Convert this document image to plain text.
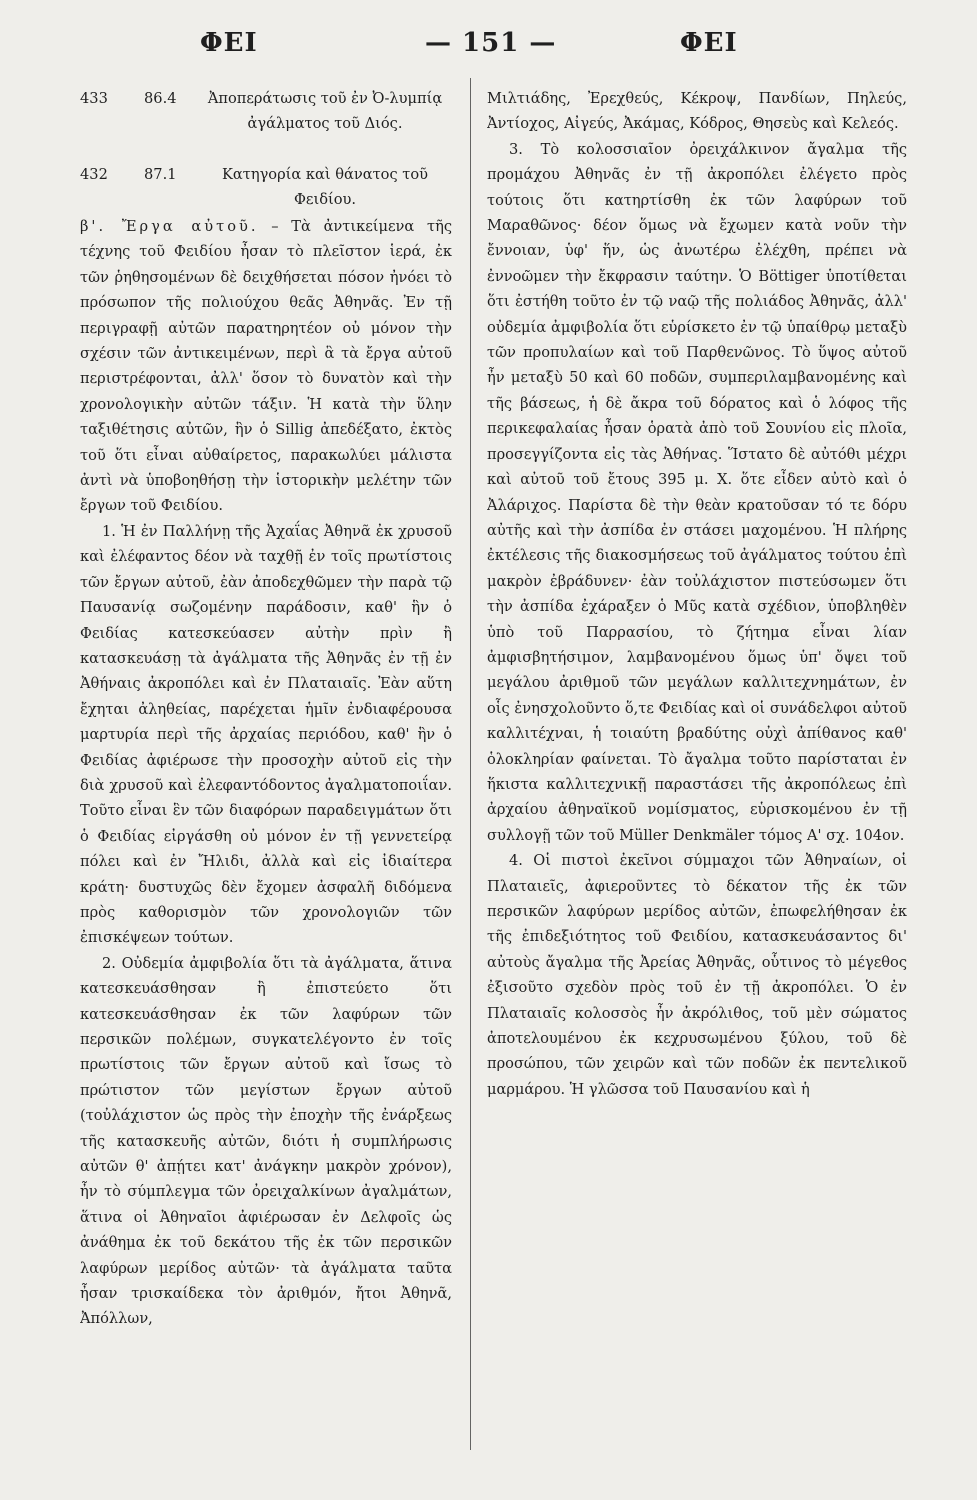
ΦΕΙ	— 151 —	ΦΕΙ
433	86.4	Ἀποπεράτωσις τοῦ ἐν Ὀ-λυμπίᾳ ἀγάλματος τοῦ Διός.
432	87.1	Κατηγορία καὶ θάνατος τοῦ Φειδίου.

β'. Ἔργα αὐτοῦ. – Τὰ ἀντικείμενα τῆς τέχνης τοῦ Φειδίου ἦσαν τὸ πλεῖστον ἱερά, ἐκ τῶν ῥηθησομένων δὲ δειχθήσεται πόσον ἠνόει τὸ πρόσωπον τῆς πολιούχου θεᾶς Ἀθηνᾶς. Ἐν τῇ περιγραφῇ αὐτῶν παρατηρητέον οὐ μόνον τὴν σχέσιν τῶν ἀντικειμένων, περὶ ἃ τὰ ἔργα αὐτοῦ περιστρέφονται, ἀλλ' ὅσον τὸ δυνατὸν καὶ τὴν χρονολογικὴν αὐτῶν τάξιν. Ἡ κατὰ τὴν ὕλην ταξιθέτησις αὐτῶν, ἣν ὁ Sillig ἀπεδέξατο, ἐκτὸς τοῦ ὅτι εἶναι αὐθαίρετος, παρακωλύει μάλιστα ἀντὶ νὰ ὑποβοηθήσῃ τὴν ἱστορικὴν μελέτην τῶν ἔργων τοῦ Φειδίου.

1. Ἡ ἐν Παλλήνῃ τῆς Ἀχαΐας Ἀθηνᾶ ἐκ χρυσοῦ καὶ ἐλέφαντος δέον νὰ ταχθῇ ἐν τοῖς πρωτίστοις τῶν ἔργων αὐτοῦ, ἐὰν ἀποδεχθῶμεν τὴν παρὰ τῷ Παυσανίᾳ σωζομένην παράδοσιν, καθ' ἣν ὁ Φειδίας κατεσκεύασεν αὐτὴν πρὶν ἢ κατασκευάσῃ τὰ ἀγάλματα τῆς Ἀθηνᾶς ἐν τῇ ἐν Ἀθήναις ἀκροπόλει καὶ ἐν Πλαταιαῖς. Ἐὰν αὕτη ἔχηται ἀληθείας, παρέχεται ἡμῖν ἐνδιαφέρουσα μαρτυρία περὶ τῆς ἀρχαίας περιόδου, καθ' ἣν ὁ Φειδίας ἀφιέρωσε τὴν προσοχὴν αὐτοῦ εἰς τὴν διὰ χρυσοῦ καὶ ἐλεφαντόδοντος ἀγαλματοποιΐαν. Τοῦτο εἶναι ἓν τῶν διαφόρων παραδειγμάτων ὅτι ὁ Φειδίας εἰργάσθη οὐ μόνον ἐν τῇ γεννετείρᾳ πόλει καὶ ἐν Ἤλιδι, ἀλλὰ καὶ εἰς ἰδιαίτερα κράτη· δυστυχῶς δὲν ἔχομεν ἀσφαλῆ διδόμενα πρὸς καθορισμὸν τῶν χρονολογιῶν τῶν ἐπισκέψεων τούτων.

2. Οὐδεμία ἀμφιβολία ὅτι τὰ ἀγάλματα, ἅτινα κατεσκευάσθησαν ἢ ἐπιστεύετο ὅτι κατεσκευάσθησαν ἐκ τῶν λαφύρων τῶν περσικῶν πολέμων, συγκατελέγοντο ἐν τοῖς πρωτίστοις τῶν ἔργων αὐτοῦ καὶ ἴσως τὸ πρώτιστον τῶν μεγίστων ἔργων αὐτοῦ (τοὐλάχιστον ὡς πρὸς τὴν ἐποχὴν τῆς ἐνάρξεως τῆς κατασκευῆς αὐτῶν, διότι ἡ συμπλήρωσις αὐτῶν θ' ἀπῄτει κατ' ἀνάγκην μακρὸν χρόνον), ἦν τὸ σύμπλεγμα τῶν ὀρειχαλκίνων ἀγαλμάτων, ἅτινα οἱ Ἀθηναῖοι ἀφιέρωσαν ἐν Δελφοῖς ὡς ἀνάθημα ἐκ τοῦ δεκάτου τῆς ἐκ τῶν περσικῶν λαφύρων μερίδος αὐτῶν· τὰ ἀγάλματα ταῦτα ἦσαν τρισκαίδεκα τὸν ἀριθμόν, ἤτοι Ἀθηνᾶ, Ἀπόλλων,

Μιλτιάδης, Ἐρεχθεύς, Κέκροψ, Πανδίων, Πηλεύς, Ἀντίοχος, Αἰγεύς, Ἀκάμας, Κόδρος, Θησεὺς καὶ Κελεός.

3. Τὸ κολοσσιαῖον ὀρειχάλκινον ἄγαλμα τῆς προμάχου Ἀθηνᾶς ἐν τῇ ἀκροπόλει ἐλέγετο πρὸς τούτοις ὅτι κατηρτίσθη ἐκ τῶν λαφύρων τοῦ Μαραθῶνος· δέον ὅμως νὰ ἔχωμεν κατὰ νοῦν τὴν ἔννοιαν, ὑφ' ἥν, ὡς ἀνωτέρω ἐλέχθη, πρέπει νὰ ἐννοῶμεν τὴν ἔκφρασιν ταύτην. Ὁ Böttiger ὑποτίθεται ὅτι ἐστήθη τοῦτο ἐν τῷ ναῷ τῆς πολιάδος Ἀθηνᾶς, ἀλλ' οὐδεμία ἀμφιβολία ὅτι εὑρίσκετο ἐν τῷ ὑπαίθρῳ μεταξὺ τῶν προπυλαίων καὶ τοῦ Παρθενῶνος. Τὸ ὕψος αὐτοῦ ἦν μεταξὺ 50 καὶ 60 ποδῶν, συμπεριλαμβανομένης καὶ τῆς βάσεως, ἡ δὲ ἄκρα τοῦ δόρατος καὶ ὁ λόφος τῆς περικεφαλαίας ἦσαν ὁρατὰ ἀπὸ τοῦ Σουνίου εἰς πλοῖα, προσεγγίζοντα εἰς τὰς Ἀθήνας. Ἵστατο δὲ αὐτόθι μέχρι καὶ αὐτοῦ τοῦ ἔτους 395 μ. Χ. ὅτε εἶδεν αὐτὸ καὶ ὁ Ἀλάριχος. Παρίστα δὲ τὴν θεὰν κρατοῦσαν τό τε δόρυ αὐτῆς καὶ τὴν ἀσπίδα ἐν στάσει μαχομένου. Ἡ πλήρης ἐκτέλεσις τῆς διακοσμήσεως τοῦ ἀγάλματος τούτου ἐπὶ μακρὸν ἐβράδυνεν· ἐὰν τοὐλάχιστον πιστεύσωμεν ὅτι τὴν ἀσπίδα ἐχάραξεν ὁ Μῦς κατὰ σχέδιον, ὑποβληθὲν ὑπὸ τοῦ Παρρασίου, τὸ ζήτημα εἶναι λίαν ἀμφισβητήσιμον, λαμβανομένου ὅμως ὑπ' ὄψει τοῦ μεγάλου ἀριθμοῦ τῶν μεγάλων καλλιτεχνημάτων, ἐν οἷς ἐνησχολοῦντο ὅ,τε Φειδίας καὶ οἱ συνάδελφοι αὐτοῦ καλλιτέχναι, ἡ τοιαύτη βραδύτης οὐχὶ ἀπίθανος καθ' ὁλοκληρίαν φαίνεται. Τὸ ἄγαλμα τοῦτο παρίσταται ἐν ἥκιστα καλλιτεχνικῇ παραστάσει τῆς ἀκροπόλεως ἐπὶ ἀρχαίου ἀθηναϊκοῦ νομίσματος, εὑρισκομένου ἐν τῇ συλλογῇ τῶν τοῦ Müller Denkmäler τόμος Α' σχ. 104ον.

4. Οἱ πιστοὶ ἐκεῖνοι σύμμαχοι τῶν Ἀθηναίων, οἱ Πλαταιεῖς, ἀφιεροῦντες τὸ δέκατον τῆς ἐκ τῶν περσικῶν λαφύρων μερίδος αὐτῶν, ἐπωφελήθησαν ἐκ τῆς ἐπιδεξιότητος τοῦ Φειδίου, κατασκευάσαντος δι' αὐτοὺς ἄγαλμα τῆς Ἀρείας Ἀθηνᾶς, οὗτινος τὸ μέγεθος ἐξισοῦτο σχεδὸν πρὸς τοῦ ἐν τῇ ἀκροπόλει. Ὁ ἐν Πλαταιαῖς κολοσσὸς ἦν ἀκρόλιθος, τοῦ μὲν σώματος ἀποτελουμένου ἐκ κεχρυσωμένου ξύλου, τοῦ δὲ προσώπου, τῶν χειρῶν καὶ τῶν ποδῶν ἐκ πεντελικοῦ μαρμάρου. Ἡ γλῶσσα τοῦ Παυσανίου καὶ ἡ
